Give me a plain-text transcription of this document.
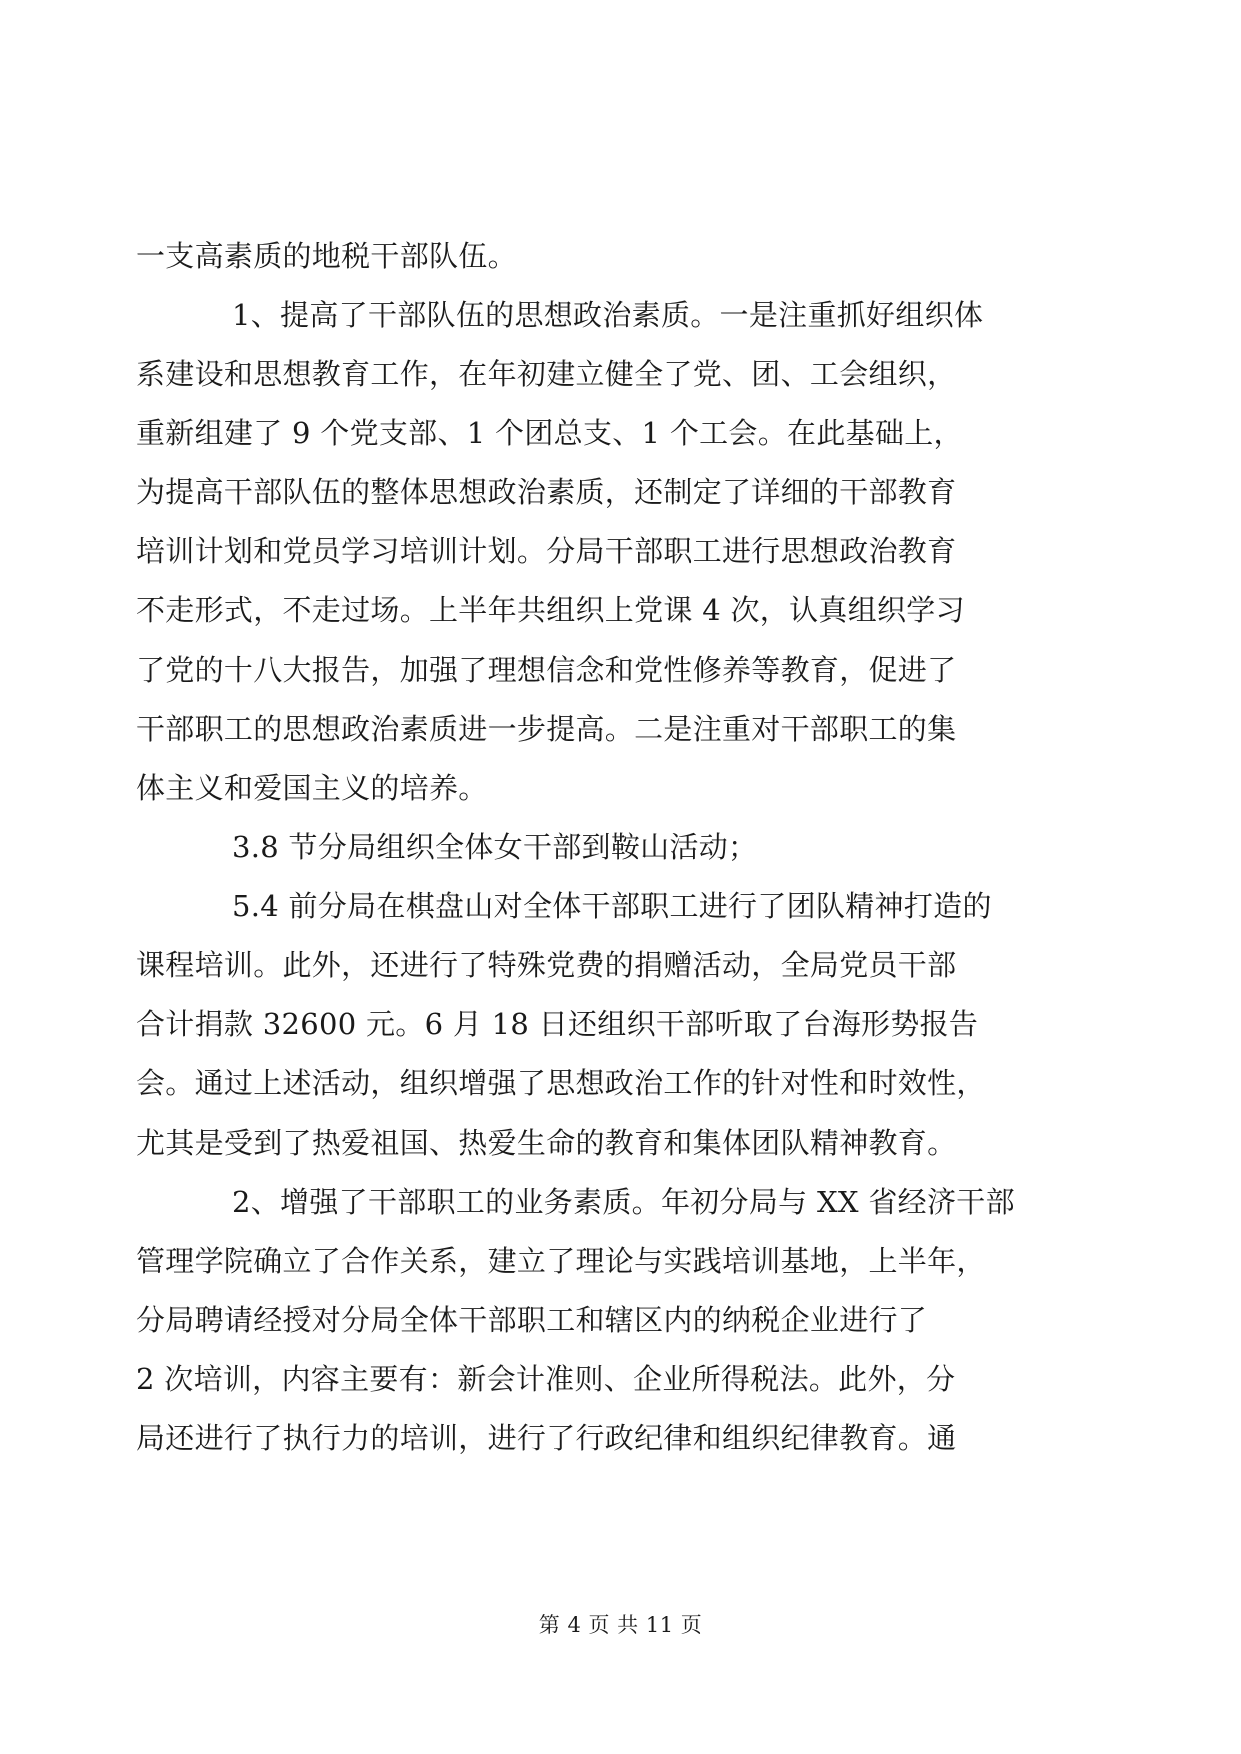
一支高素质的地税干部队伍。
1、提高了干部队伍的思想政治素质。一是注重抓好组织体
系建设和思想教育工作，在年初建立健全了党、团、工会组织，
重新组建了 9 个党支部、1 个团总支、1 个工会。在此基础上，
为提高干部队伍的整体思想政治素质，还制定了详细的干部教育
培训计划和党员学习培训计划。分局干部职工进行思想政治教育
不走形式，不走过场。上半年共组织上党课 4 次，认真组织学习
了党的十八大报告，加强了理想信念和党性修养等教育，促进了
干部职工的思想政治素质进一步提高。二是注重对干部职工的集
体主义和爱国主义的培养。
3.8 节分局组织全体女干部到鞍山活动；
5.4 前分局在棋盘山对全体干部职工进行了团队精神打造的
课程培训。此外，还进行了特殊党费的捐赠活动，全局党员干部
合计捐款 32600 元。6 月 18 日还组织干部听取了台海形势报告
会。通过上述活动，组织增强了思想政治工作的针对性和时效性，
尤其是受到了热爱祖国、热爱生命的教育和集体团队精神教育。
2、增强了干部职工的业务素质。年初分局与 XX 省经济干部
管理学院确立了合作关系，建立了理论与实践培训基地，上半年，
分局聘请经授对分局全体干部职工和辖区内的纳税企业进行了
2 次培训，内容主要有：新会计准则、企业所得税法。此外，分
局还进行了执行力的培训，进行了行政纪律和组织纪律教育。通
第 4 页 共 11 页
